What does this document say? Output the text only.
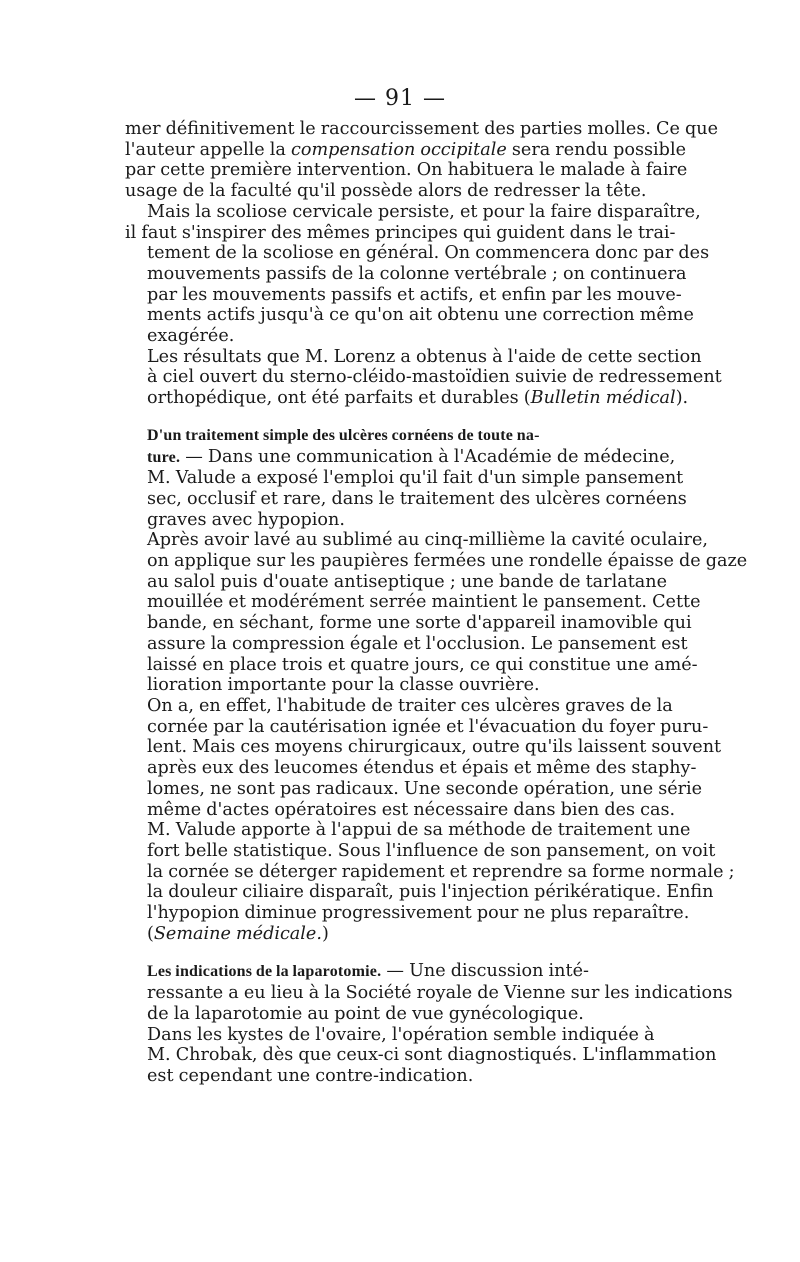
— 91 —

mer définitivement le raccourcissement des parties molles. Ce que
l'auteur appelle la compensation occipitale sera rendu possible
par cette première intervention. On habituera le malade à faire
usage de la faculté qu'il possède alors de redresser la tête.

Mais la scoliose cervicale persiste, et pour la faire disparaître,
il faut s'inspirer des mêmes principes qui guident dans le trai-
tement de la scoliose en général. On commencera donc par des
mouvements passifs de la colonne vertébrale ; on continuera
par les mouvements passifs et actifs, et enfin par les mouve-
ments actifs jusqu'à ce qu'on ait obtenu une correction même
exagérée.

Les résultats que M. Lorenz a obtenus à l'aide de cette section
à ciel ouvert du sterno-cléido-mastoïdien suivie de redressement
orthopédique, ont été parfaits et durables (Bulletin médical).

D'un traitement simple des ulcères cornéens de toute na-
ture. — Dans une communication à l'Académie de médecine,
M. Valude a exposé l'emploi qu'il fait d'un simple pansement
sec, occlusif et rare, dans le traitement des ulcères cornéens
graves avec hypopion.

Après avoir lavé au sublimé au cinq-millième la cavité oculaire,
on applique sur les paupières fermées une rondelle épaisse de gaze
au salol puis d'ouate antiseptique ; une bande de tarlatane
mouillée et modérément serrée maintient le pansement. Cette
bande, en séchant, forme une sorte d'appareil inamovible qui
assure la compression égale et l'occlusion. Le pansement est
laissé en place trois et quatre jours, ce qui constitue une amé-
lioration importante pour la classe ouvrière.

On a, en effet, l'habitude de traiter ces ulcères graves de la
cornée par la cautérisation ignée et l'évacuation du foyer puru-
lent. Mais ces moyens chirurgicaux, outre qu'ils laissent souvent
après eux des leucomes étendus et épais et même des staphy-
lomes, ne sont pas radicaux. Une seconde opération, une série
même d'actes opératoires est nécessaire dans bien des cas.

M. Valude apporte à l'appui de sa méthode de traitement une
fort belle statistique. Sous l'influence de son pansement, on voit
la cornée se déterger rapidement et reprendre sa forme normale ;
la douleur ciliaire disparaît, puis l'injection périkératique. Enfin
l'hypopion diminue progressivement pour ne plus reparaître.
(Semaine médicale.)

Les indications de la laparotomie. — Une discussion inté-
ressante a eu lieu à la Société royale de Vienne sur les indications
de la laparotomie au point de vue gynécologique.

Dans les kystes de l'ovaire, l'opération semble indiquée à
M. Chrobak, dès que ceux-ci sont diagnostiqués. L'inflammation
est cependant une contre-indication.
